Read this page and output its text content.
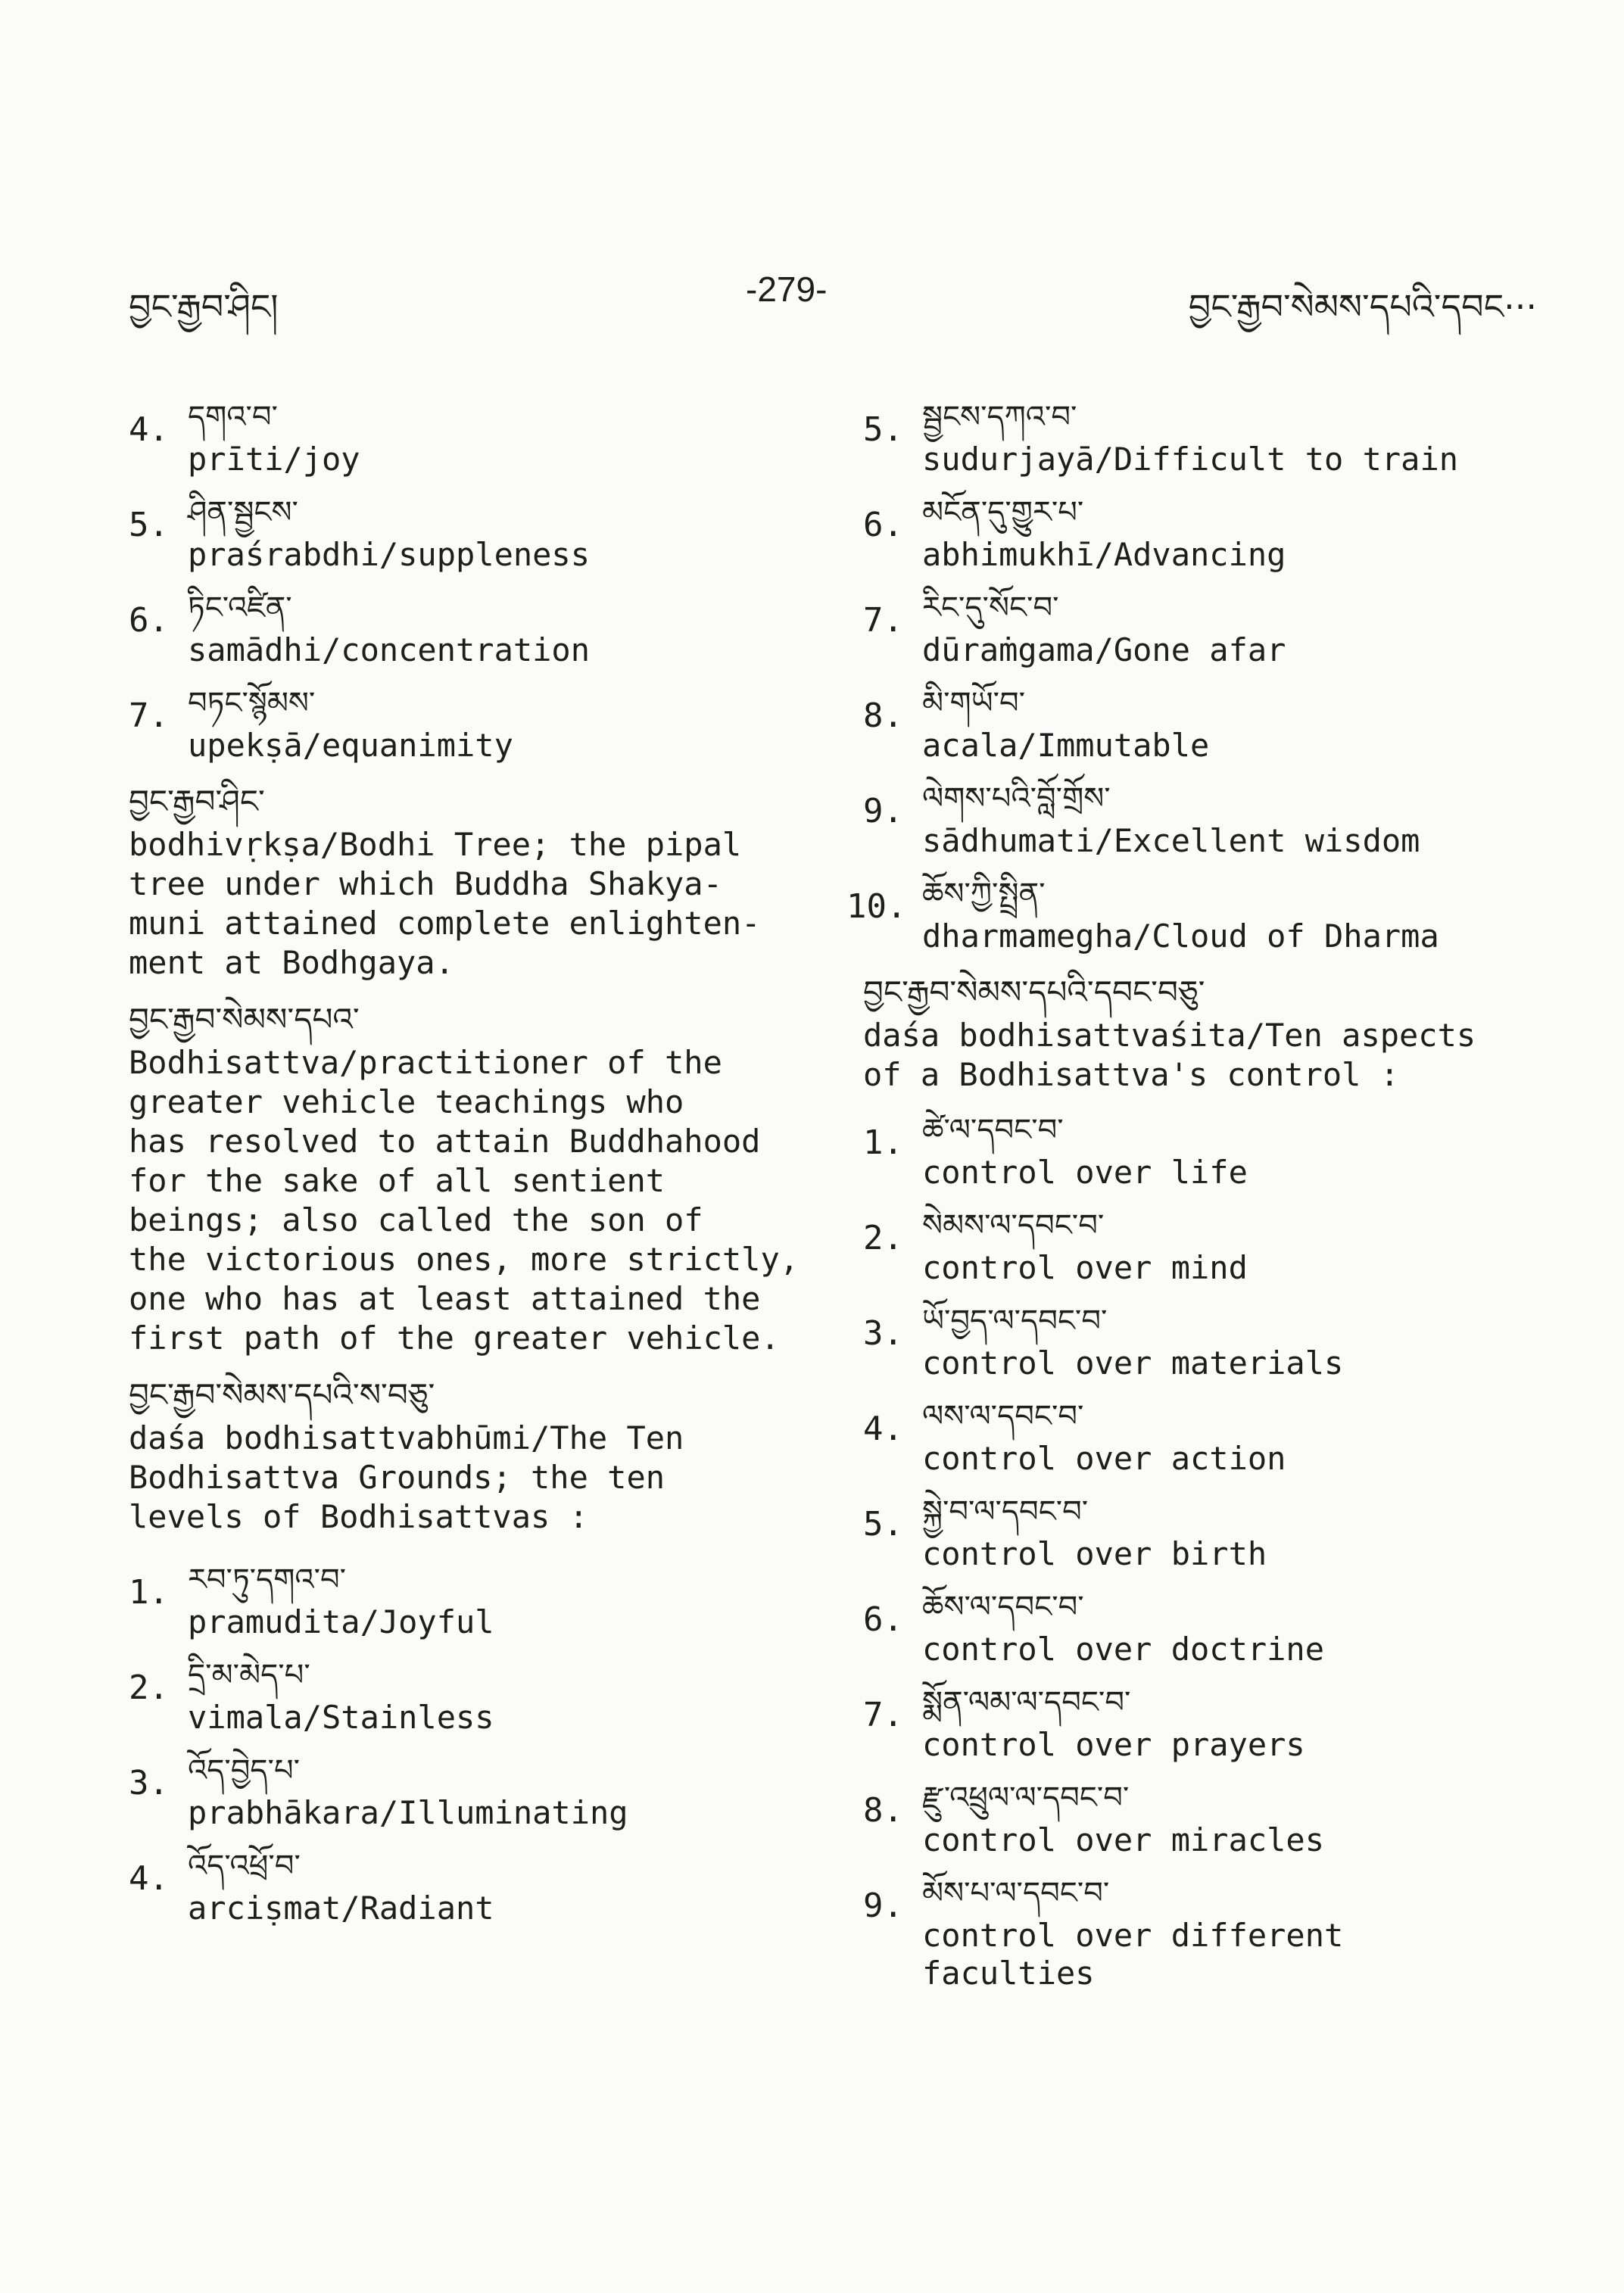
བྱང་རྒྱབ་ཤིང།	-279-	བྱང་རྒྱབ་སེམས་དཔའི་དབང···
4. དགའ་བ་
prīti/joy
5. ཤིན་སྦྱངས་
praśrabdhi/suppleness
6. ཏིང་འཛིན་
samādhi/concentration
7. བཏང་སྙོམས་
upekṣā/equanimity
བྱང་རྒྱབ་ཤིང་
bodhivṛkṣa/Bodhi Tree; the pipal
tree under which Buddha Shakya-
muni attained complete enlighten-
ment at Bodhgaya.
བྱང་རྒྱབ་སེམས་དཔའ་
Bodhisattva/practitioner of the
greater vehicle teachings who
has resolved to attain Buddhahood
for the sake of all sentient
beings; also called the son of
the victorious ones, more strictly,
one who has at least attained the
first path of the greater vehicle.
བྱང་རྒྱབ་སེམས་དཔའི་ས་བཅུ་
daśa bodhisattvabhūmi/The Ten
Bodhisattva Grounds; the ten
levels of Bodhisattvas :
1. རབ་ཏུ་དགའ་བ་
pramudita/Joyful
2. དྲི་མ་མེད་པ་
vimala/Stainless
3. འོད་བྱེད་པ་
prabhākara/Illuminating
4. འོད་འཕྲོ་བ་
arciṣmat/Radiant
5. སྦྱངས་དཀའ་བ་
sudurjayā/Difficult to train
6. མངོན་དུ་གྱུར་པ་
abhimukhī/Advancing
7. རིང་དུ་སོང་བ་
dūraṁgama/Gone afar
8. མི་གཡོ་བ་
acala/Immutable
9. ལེགས་པའི་བློ་གྲོས་
sādhumati/Excellent wisdom
10. ཆོས་ཀྱི་སྤྲིན་
dharmamegha/Cloud of Dharma
བྱང་རྒྱབ་སེམས་དཔའི་དབང་བཅུ་
daśa bodhisattvaśita/Ten aspects
of a Bodhisattva's control :
1. ཚེ་ལ་དབང་བ་
control over life
2. སེམས་ལ་དབང་བ་
control over mind
3. ཡོ་བྱད་ལ་དབང་བ་
control over materials
4. ལས་ལ་དབང་བ་
control over action
5. སྐྱེ་བ་ལ་དབང་བ་
control over birth
6. ཆོས་ལ་དབང་བ་
control over doctrine
7. སྨོན་ལམ་ལ་དབང་བ་
control over prayers
8. རྫུ་འཕྲུལ་ལ་དབང་བ་
control over miracles
9. མོས་པ་ལ་དབང་བ་
control over different
faculties
